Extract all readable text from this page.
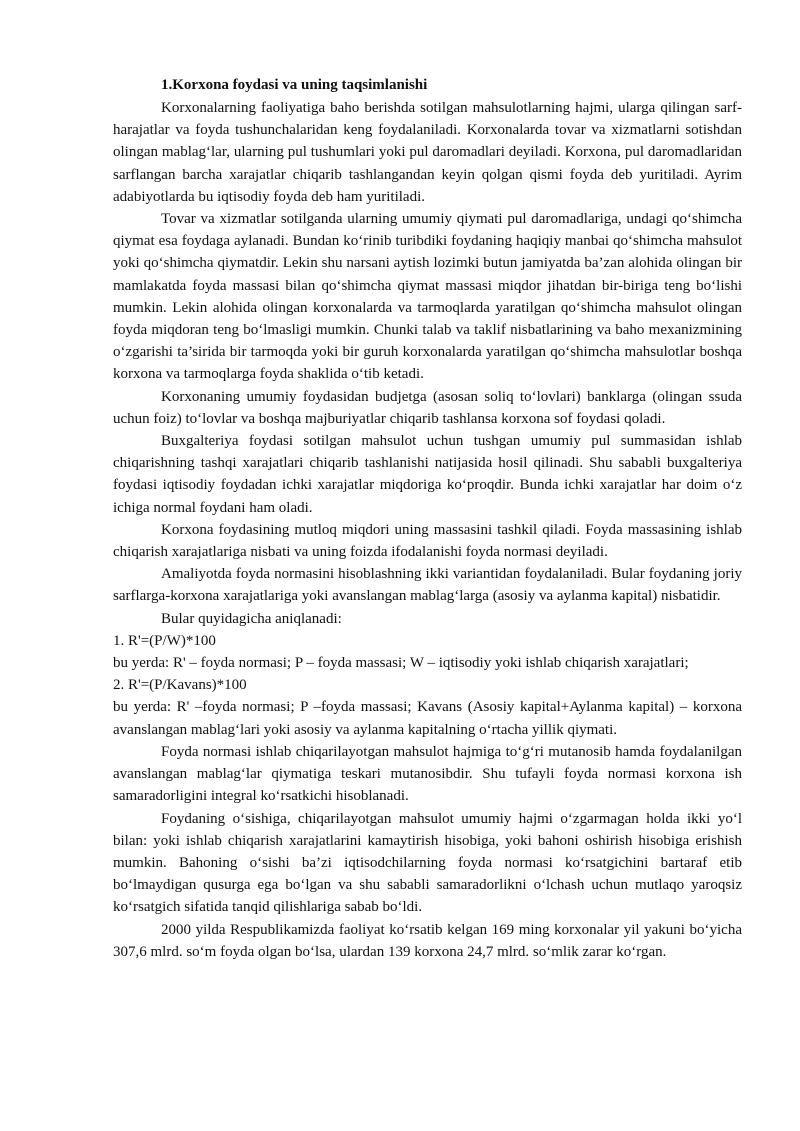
1.Korxona foydasi va uning taqsimlanishi

Korxonalarning faoliyatiga baho berishda sotilgan mahsulotlarning hajmi, ularga qilingan sarf-harajatlar va foyda tushunchalaridan keng foydalaniladi. Korxonalarda tovar va xizmatlarni sotishdan olingan mablag‘lar, ularning pul tushumlari yoki pul daromadlari deyiladi. Korxona, pul daromadlaridan sarflangan barcha xarajatlar chiqarib tashlangandan keyin qolgan qismi foyda deb yuritiladi. Ayrim adabiyotlarda bu iqtisodiy foyda deb ham yuritiladi.

Tovar va xizmatlar sotilganda ularning umumiy qiymati pul daromadlariga, undagi qo‘shimcha qiymat esa foydaga aylanadi. Bundan ko‘rinib turibdiki foydaning haqiqiy manbai qo‘shimcha mahsulot yoki qo‘shimcha qiymatdir. Lekin shu narsani aytish lozimki butun jamiyatda ba’zan alohida olingan bir mamlakatda foyda massasi bilan qo‘shimcha qiymat massasi miqdor jihatdan bir-biriga teng bo‘lishi mumkin. Lekin alohida olingan korxonalarda va tarmoqlarda yaratilgan qo‘shimcha mahsulot olingan foyda miqdoran teng bo‘lmasligi mumkin. Chunki talab va taklif nisbatlarining va baho mexanizmining o‘zgarishi ta’sirida bir tarmoqda yoki bir guruh korxonalarda yaratilgan qo‘shimcha mahsulotlar boshqa korxona va tarmoqlarga foyda shaklida o‘tib ketadi.

Korxonaning umumiy foydasidan budjetga (asosan soliq to‘lovlari) banklarga (olingan ssuda uchun foiz) to‘lovlar va boshqa majburiyatlar chiqarib tashlansa korxona sof foydasi qoladi.

Buxgalteriya foydasi sotilgan mahsulot uchun tushgan umumiy pul summasidan ishlab chiqarishning tashqi xarajatlari chiqarib tashlanishi natijasida hosil qilinadi. Shu sababli buxgalteriya foydasi iqtisodiy foydadan ichki xarajatlar miqdoriga ko‘proqdir. Bunda ichki xarajatlar har doim o‘z ichiga normal foydani ham oladi.

Korxona foydasining mutloq miqdori uning massasini tashkil qiladi. Foyda massasining ishlab chiqarish xarajatlariga nisbati va uning foizda ifodalanishi foyda normasi deyiladi.

Amaliyotda foyda normasini hisoblashning ikki variantidan foydalaniladi. Bular foydaning joriy sarflarga-korxona xarajatlariga yoki avanslangan mablag‘larga (asosiy va aylanma kapital) nisbatidir.

Bular quyidagicha aniqlanadi:

1. R'=(P/W)*100

bu yerda: R' – foyda normasi; P – foyda massasi; W – iqtisodiy yoki ishlab chiqarish xarajatlari;

2. R'=(P/Kavans)*100

bu yerda: R' –foyda normasi; P –foyda massasi; Kavans (Asosiy kapital+Aylanma kapital) – korxona avanslangan mablag‘lari yoki asosiy va aylanma kapitalning o‘rtacha yillik qiymati.

Foyda normasi ishlab chiqarilayotgan mahsulot hajmiga to‘g‘ri mutanosib hamda foydalanilgan avanslangan mablag‘lar qiymatiga teskari mutanosibdir. Shu tufayli foyda normasi korxona ish samaradorligini integral ko‘rsatkichi hisoblanadi.

Foydaning o‘sishiga, chiqarilayotgan mahsulot umumiy hajmi o‘zgarmagan holda ikki yo‘l bilan: yoki ishlab chiqarish xarajatlarini kamaytirish hisobiga, yoki bahoni oshirish hisobiga erishish mumkin. Bahoning o‘sishi ba’zi iqtisodchilarning foyda normasi ko‘rsatgichini bartaraf etib bo‘lmaydigan qusurga ega bo‘lgan va shu sababli samaradorlikni o‘lchash uchun mutlaqo yaroqsiz ko‘rsatgich sifatida tanqid qilishlariga sabab bo‘ldi.

2000 yilda Respublikamizda faoliyat ko‘rsatib kelgan 169 ming korxonalar yil yakuni bo‘yicha 307,6 mlrd. so‘m foyda olgan bo‘lsa, ulardan 139 korxona 24,7 mlrd. so‘mlik zarar ko‘rgan.
